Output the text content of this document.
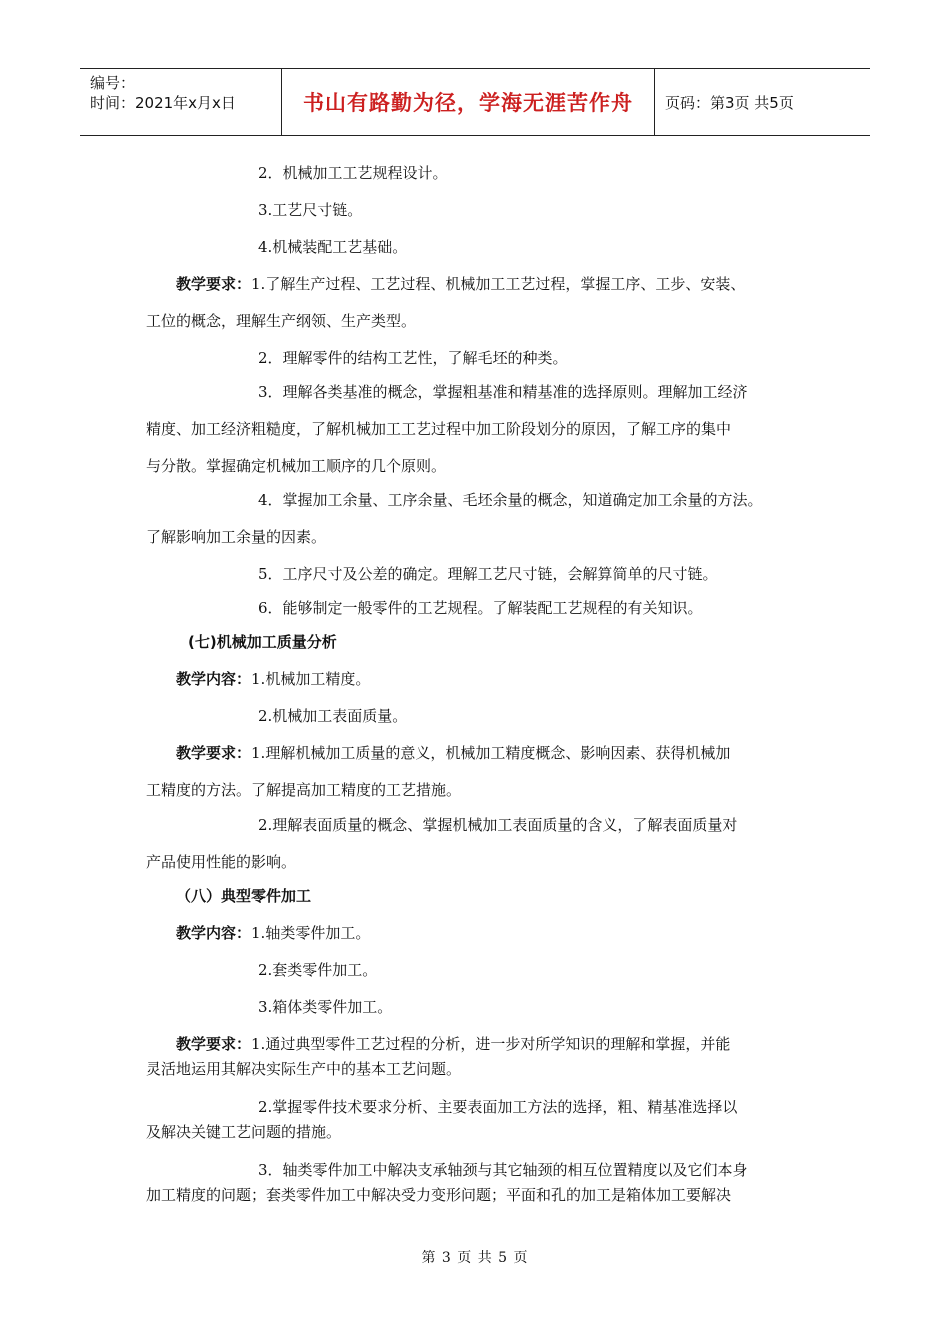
编号：
时间：2021年x月x日	书山有路勤为径，学海无涯苦作舟	页码：第3页 共5页
2．机械加工工艺规程设计。
3.工艺尺寸链。
4.机械装配工艺基础。
教学要求：1.了解生产过程、工艺过程、机械加工工艺过程，掌握工序、工步、安装、
工位的概念，理解生产纲领、生产类型。
2．理解零件的结构工艺性，了解毛坯的种类。
3．理解各类基准的概念，掌握粗基准和精基准的选择原则。理解加工经济
精度、加工经济粗糙度，了解机械加工工艺过程中加工阶段划分的原因，了解工序的集中
与分散。掌握确定机械加工顺序的几个原则。
4．掌握加工余量、工序余量、毛坯余量的概念，知道确定加工余量的方法。
了解影响加工余量的因素。
5．工序尺寸及公差的确定。理解工艺尺寸链，会解算简单的尺寸链。
6．能够制定一般零件的工艺规程。了解装配工艺规程的有关知识。
(七)机械加工质量分析
教学内容：1.机械加工精度。
2.机械加工表面质量。
教学要求：1.理解机械加工质量的意义，机械加工精度概念、影响因素、获得机械加
工精度的方法。了解提高加工精度的工艺措施。
2.理解表面质量的概念、掌握机械加工表面质量的含义，了解表面质量对
产品使用性能的影响。
（八）典型零件加工
教学内容：1.轴类零件加工。
2.套类零件加工。
3.箱体类零件加工。
教学要求：1.通过典型零件工艺过程的分析，进一步对所学知识的理解和掌握，并能
灵活地运用其解决实际生产中的基本工艺问题。
2.掌握零件技术要求分析、主要表面加工方法的选择，粗、精基准选择以
及解决关键工艺问题的措施。
3．轴类零件加工中解决支承轴颈与其它轴颈的相互位置精度以及它们本身
加工精度的问题；套类零件加工中解决受力变形问题；平面和孔的加工是箱体加工要解决
第 3 页 共 5 页
